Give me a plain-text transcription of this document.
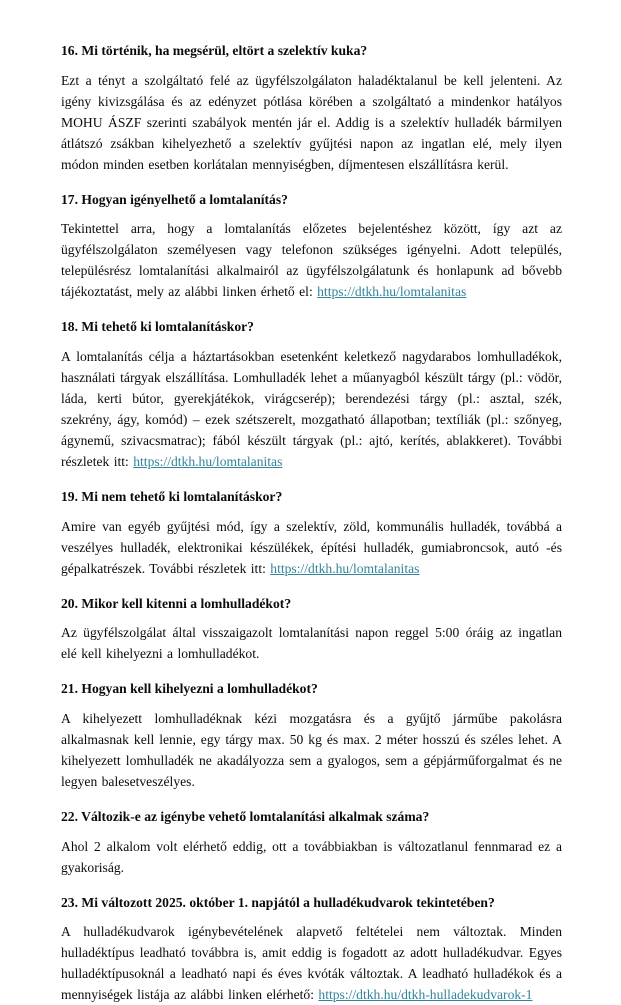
16. Mi történik, ha megsérül, eltört a szelektív kuka?

Ezt a tényt a szolgáltató felé az ügyfélszolgálaton haladéktalanul be kell jelenteni. Az igény kivizsgálása és az edényzet pótlása körében a szolgáltató a mindenkor hatályos MOHU ÁSZF szerinti szabályok mentén jár el. Addig is a szelektív hulladék bármilyen átlátszó zsákban kihelyezhető a szelektív gyűjtési napon az ingatlan elé, mely ilyen módon minden esetben korlátalan mennyiségben, díjmentesen elszállításra kerül.

17. Hogyan igényelhető a lomtalanítás?

Tekintettel arra, hogy a lomtalanítás előzetes bejelentéshez között, így azt az ügyfélszolgálaton személyesen vagy telefonon szükséges igényelni. Adott település, településrész lomtalanítási alkalmairól az ügyfélszolgálatunk és honlapunk ad bővebb tájékoztatást, mely az alábbi linken érhető el: https://dtkh.hu/lomtalanitas

18. Mi tehető ki lomtalanításkor?

A lomtalanítás célja a háztartásokban esetenként keletkező nagydarabos lomhulladékok, használati tárgyak elszállítása. Lomhulladék lehet a műanyagból készült tárgy (pl.: vödör, láda, kerti bútor, gyerekjátékok, virágcserép); berendezési tárgy (pl.: asztal, szék, szekrény, ágy, komód) – ezek szétszerelt, mozgatható állapotban; textíliák (pl.: szőnyeg, ágynemű, szivacsmatrac); fából készült tárgyak (pl.: ajtó, kerítés, ablakkeret). További részletek itt: https://dtkh.hu/lomtalanitas

19. Mi nem tehető ki lomtalanításkor?

Amire van egyéb gyűjtési mód, így a szelektív, zöld, kommunális hulladék, továbbá a veszélyes hulladék, elektronikai készülékek, építési hulladék, gumiabroncsok, autó -és gépalkatrészek. További részletek itt: https://dtkh.hu/lomtalanitas

20. Mikor kell kitenni a lomhulladékot?

Az ügyfélszolgálat által visszaigazolt lomtalanítási napon reggel 5:00 óráig az ingatlan elé kell kihelyezni a lomhulladékot.

21. Hogyan kell kihelyezni a lomhulladékot?

A kihelyezett lomhulladéknak kézi mozgatásra és a gyűjtő járműbe pakolásra alkalmasnak kell lennie, egy tárgy max. 50 kg és max. 2 méter hosszú és széles lehet. A kihelyezett lomhulladék ne akadályozza sem a gyalogos, sem a gépjárműforgalmat és ne legyen balesetveszélyes.

22. Változik-e az igénybe vehető lomtalanítási alkalmak száma?

Ahol 2 alkalom volt elérhető eddig, ott a továbbiakban is változatlanul fennmarad ez a gyakoriság.

23. Mi változott 2025. október 1. napjától a hulladékudvarok tekintetében?

A hulladékudvarok igénybevételének alapvető feltételei nem változtak. Minden hulladéktípus leadható továbbra is, amit eddig is fogadott az adott hulladékudvar. Egyes hulladéktípusoknál a leadható napi és éves kvóták változtak. A leadható hulladékok és a mennyiségek listája az alábbi linken elérhető: https://dtkh.hu/dtkh-hulladekudvarok-1
